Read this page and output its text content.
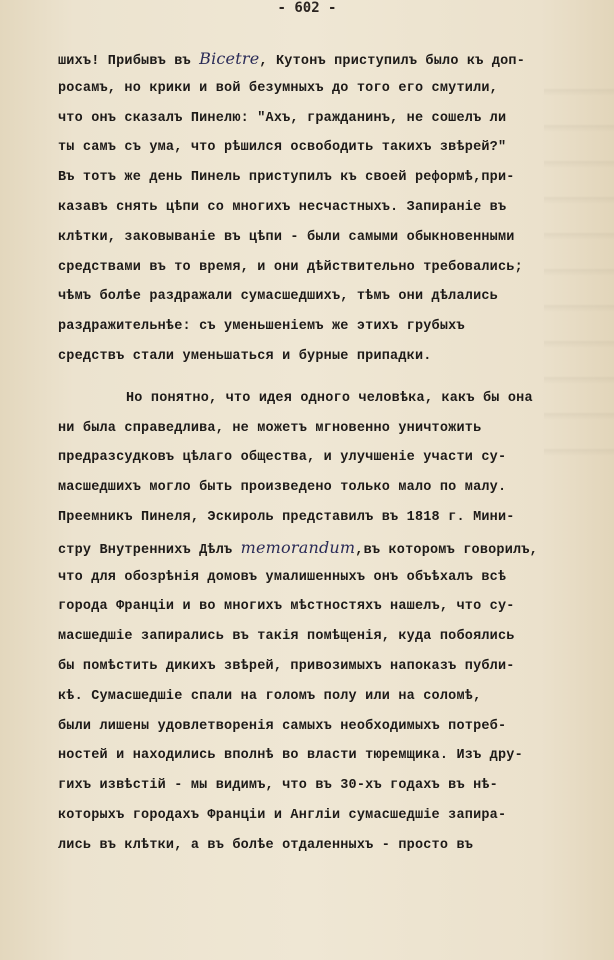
- 602 -
шихъ! Прибывъ въ Bicetre, Кутонъ приступилъ было къ доп-
росамъ, но крики и вой безумныхъ до того его смутили,
что онъ сказалъ Пинелю: "Ахъ, гражданинъ, не сошелъ ли
ты самъ съ ума, что рѣшился освободить такихъ звѣрей?"
Въ тотъ же день Пинель приступилъ къ своей реформѣ,при-
казавъ снять цѣпи со многихъ несчастныхъ. Запираніе въ
клѣтки, заковываніе въ цѣпи - были самыми обыкновенными
средствами въ то время, и они дѣйствительно требовались;
чѣмъ болѣе раздражали сумасшедшихъ, тѣмъ они дѣлались
раздражительнѣе: съ уменьшеніемъ же этихъ грубыхъ
средствъ стали уменьшаться и бурные припадки.
Но понятно, что идея одного человѣка, какъ бы она
ни была справедлива, не можетъ мгновенно уничтожить
предразсудковъ цѣлаго общества, и улучшеніе участи су-
масшедшихъ могло быть произведено только мало по малу.
Преемникъ Пинеля, Эскироль представилъ въ 1818 г. Мини-
стру Внутреннихъ Дѣлъ memorandum,въ которомъ говорилъ,
что для обозрѣнія домовъ умалишенныхъ онъ объѣхалъ всѣ
города Франціи и во многихъ мѣстностяхъ нашелъ, что су-
масшедшіе запирались въ такія помѣщенія, куда побоялись
бы помѣстить дикихъ звѣрей, привозимыхъ напоказъ публи-
кѣ. Сумасшедшіе спали на голомъ полу или на соломѣ,
были лишены удовлетворенія самыхъ необходимыхъ потреб-
ностей и находились вполнѣ во власти тюремщика. Изъ дру-
гихъ извѣстій - мы видимъ, что въ 30-хъ годахъ въ нѣ-
которыхъ городахъ Франціи и Англіи сумасшедшіе запира-
лись въ клѣтки, а въ болѣе отдаленныхъ - просто въ
